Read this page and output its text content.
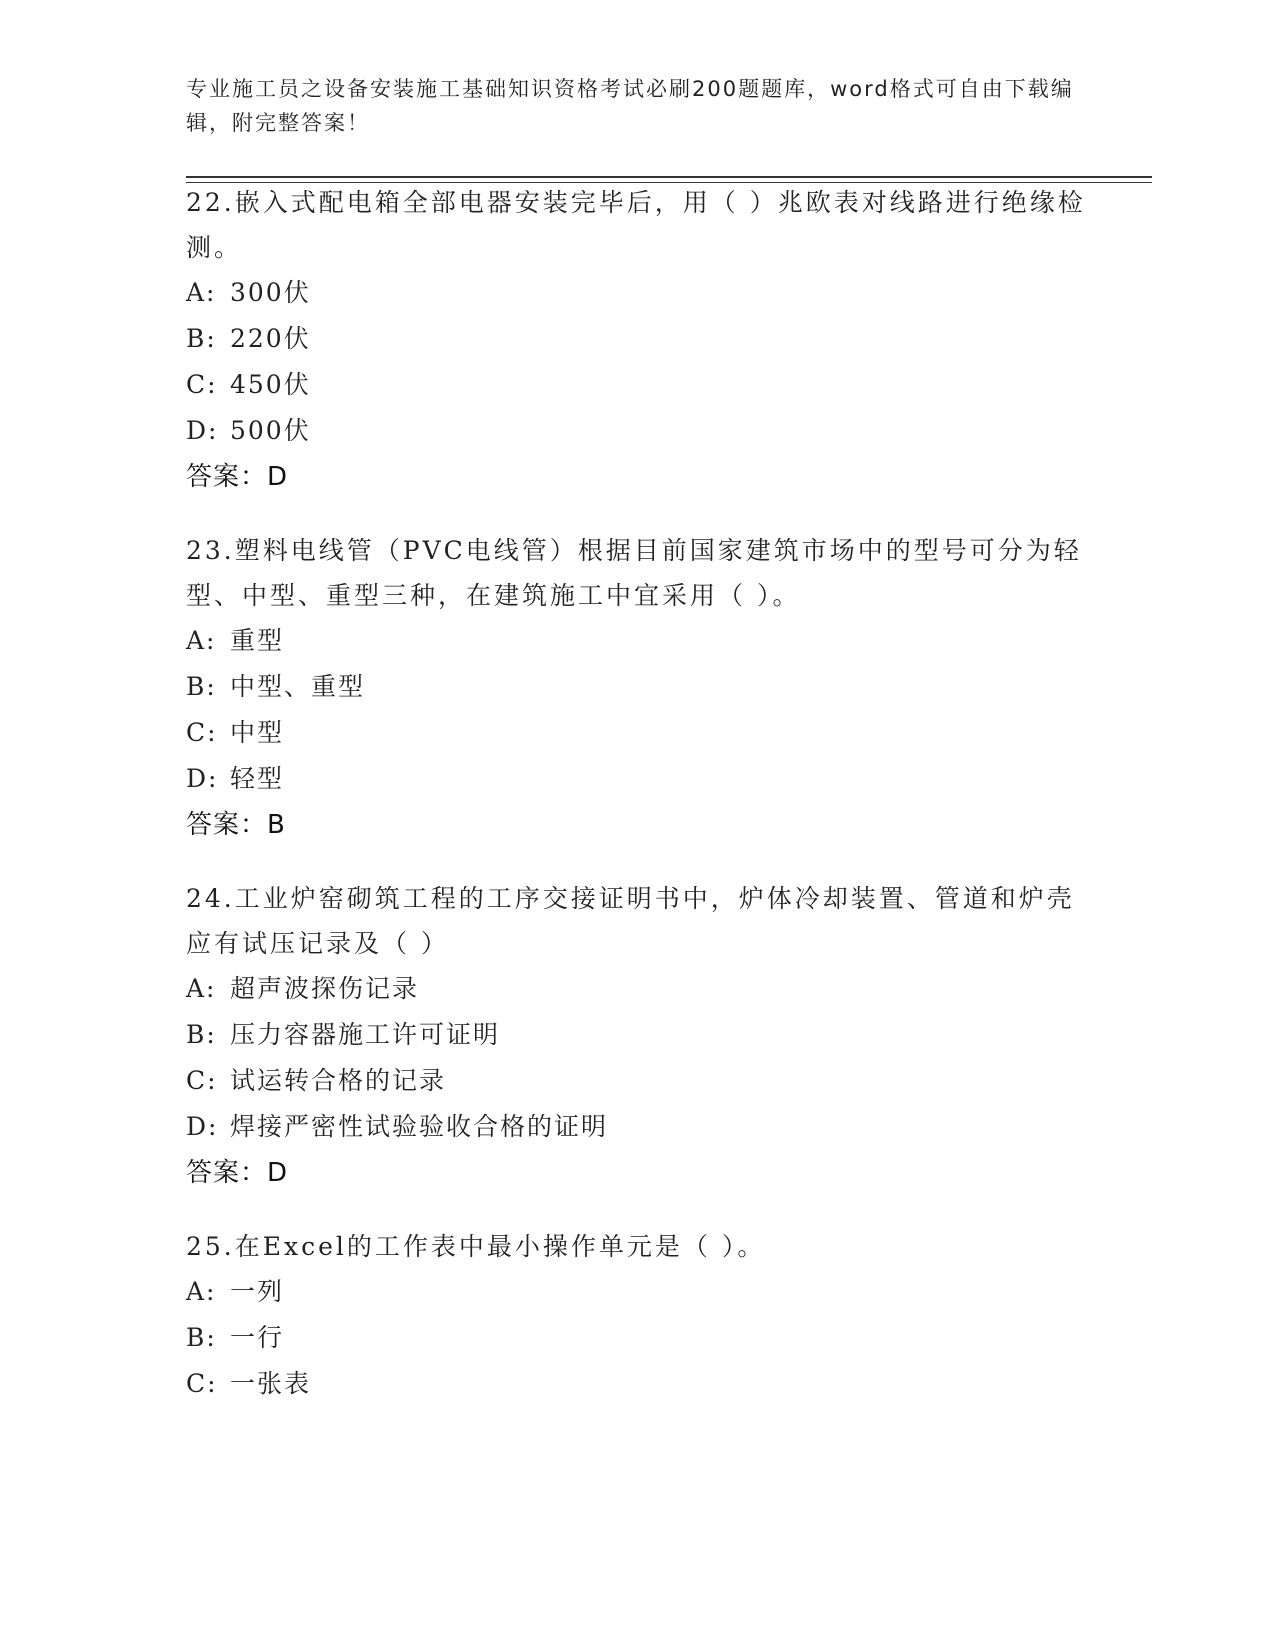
专业施工员之设备安装施工基础知识资格考试必刷200题题库，word格式可自由下载编辑，附完整答案！

22.嵌入式配电箱全部电器安装完毕后，用（ ）兆欧表对线路进行绝缘检测。

A: 300伏

B: 220伏

C: 450伏

D: 500伏

答案：D

23.塑料电线管（PVC电线管）根据目前国家建筑市场中的型号可分为轻型、中型、重型三种，在建筑施工中宜采用（ ）。

A: 重型

B: 中型、重型

C: 中型

D: 轻型

答案：B

24.工业炉窑砌筑工程的工序交接证明书中，炉体冷却装置、管道和炉壳应有试压记录及（ ）

A: 超声波探伤记录

B: 压力容器施工许可证明

C: 试运转合格的记录

D: 焊接严密性试验验收合格的证明

答案：D

25.在Excel的工作表中最小操作单元是（ ）。

A: 一列

B: 一行

C: 一张表
